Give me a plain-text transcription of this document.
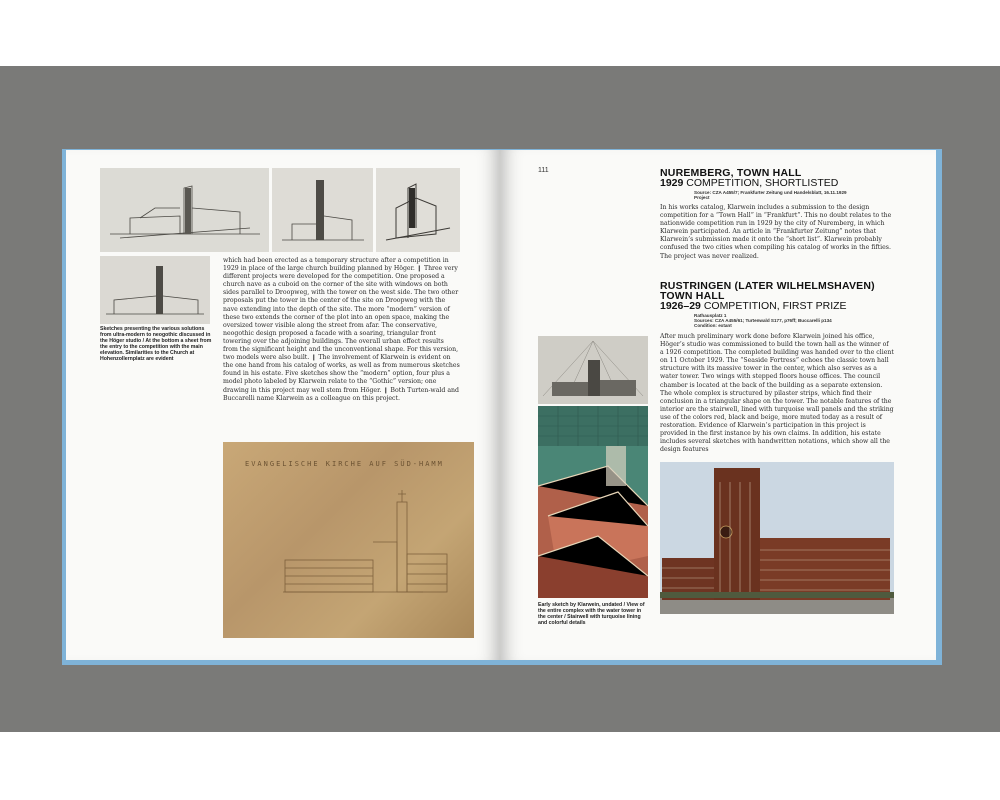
Sketches presenting the various solutions from ultra-modern to neogothic discussed in the Höger studio / At the bottom a sheet from the entry to the competition with the main elevation. Similarities to the Church at Hohenzollernplatz are evident
which had been erected as a temporary structure after a competition in 1929 in place of the large church building planned by Höger. ❙ Three very different projects were developed for the competition. One proposed a church nave as a cuboid on the corner of the site with windows on both sides parallel to Droopweg, with the tower on the west side. The two other proposals put the tower in the center of the site on Droopweg with the nave extending into the depth of the site. The more “modern” version of these two extends the corner of the plot into an open space, making the oversized tower visible along the street from afar. The conservative, neogothic design proposed a facade with a soaring, triangular front towering over the adjoining buildings. The overall urban effect results from the significant height and the unconventional shape. For this version, two models were also built. ❙ The involvement of Klarwein is evident on the one hand from his catalog of works, as well as from numerous sketches found in his estate. Five sketches show the “modern” option, four plus a model photo labeled by Klarwein relate to the “Gothic” version; one drawing in this project may well stem from Höger. ❙ Both Turten-wald and Buccarelli name Klarwein as a colleague on this project.
EVANGELISCHE KIRCHE AUF SÜD-HAMM
111	NUREMBERG, TOWN HALL
1929 COMPETITION, SHORTLISTED
Source: CZA A455/7; Frankfurter Zeitung und Handelsblatt, 16.11.1929
Project
In his works catalog, Klarwein includes a submission to the design competition for a “Town Hall” in “Frankfurt”. This no doubt relates to the nationwide competition run in 1929 by the city of Nuremberg, in which Klarwein participated. An article in “Frankfurter Zeitung” notes that Klarwein’s submission made it onto the “short list”. Klarwein probably confused the two cities when compiling his catalog of works in the fifties. The project was never realized.
RUSTRINGEN (LATER WILHELMSHAVEN)
TOWN HALL
1926–29 COMPETITION, FIRST PRIZE
Rathausplatz 1
Sources: CZA A455/61; Turtenwald S177, p76ff; Buccarelli p134
Condition: extant
After much preliminary work done before Klarwein joined his office, Höger’s studio was commissioned to build the town hall as the winner of a 1926 competition. The completed building was handed over to the client on 11 October 1929. The “Seaside Fortress” echoes the classic town hall structure with its massive tower in the center, which also serves as a water tower. Two wings with stepped floors house offices. The council chamber is located at the back of the building as a separate extension. The whole complex is structured by pilaster strips, which find their conclusion in a triangular shape on the tower. The notable features of the interior are the stairwell, lined with turquoise wall panels and the striking use of the colors red, black and beige, more muted today as a result of restoration. Evidence of Klarwein’s participation in this project is provided in the first instance by his own claims. In addition, his estate includes several sketches with handwritten notations, which show all the design features
Early sketch by Klarwein, undated / View of the entire complex with the water tower in the center / Stairwell with turquoise lining and colorful details
